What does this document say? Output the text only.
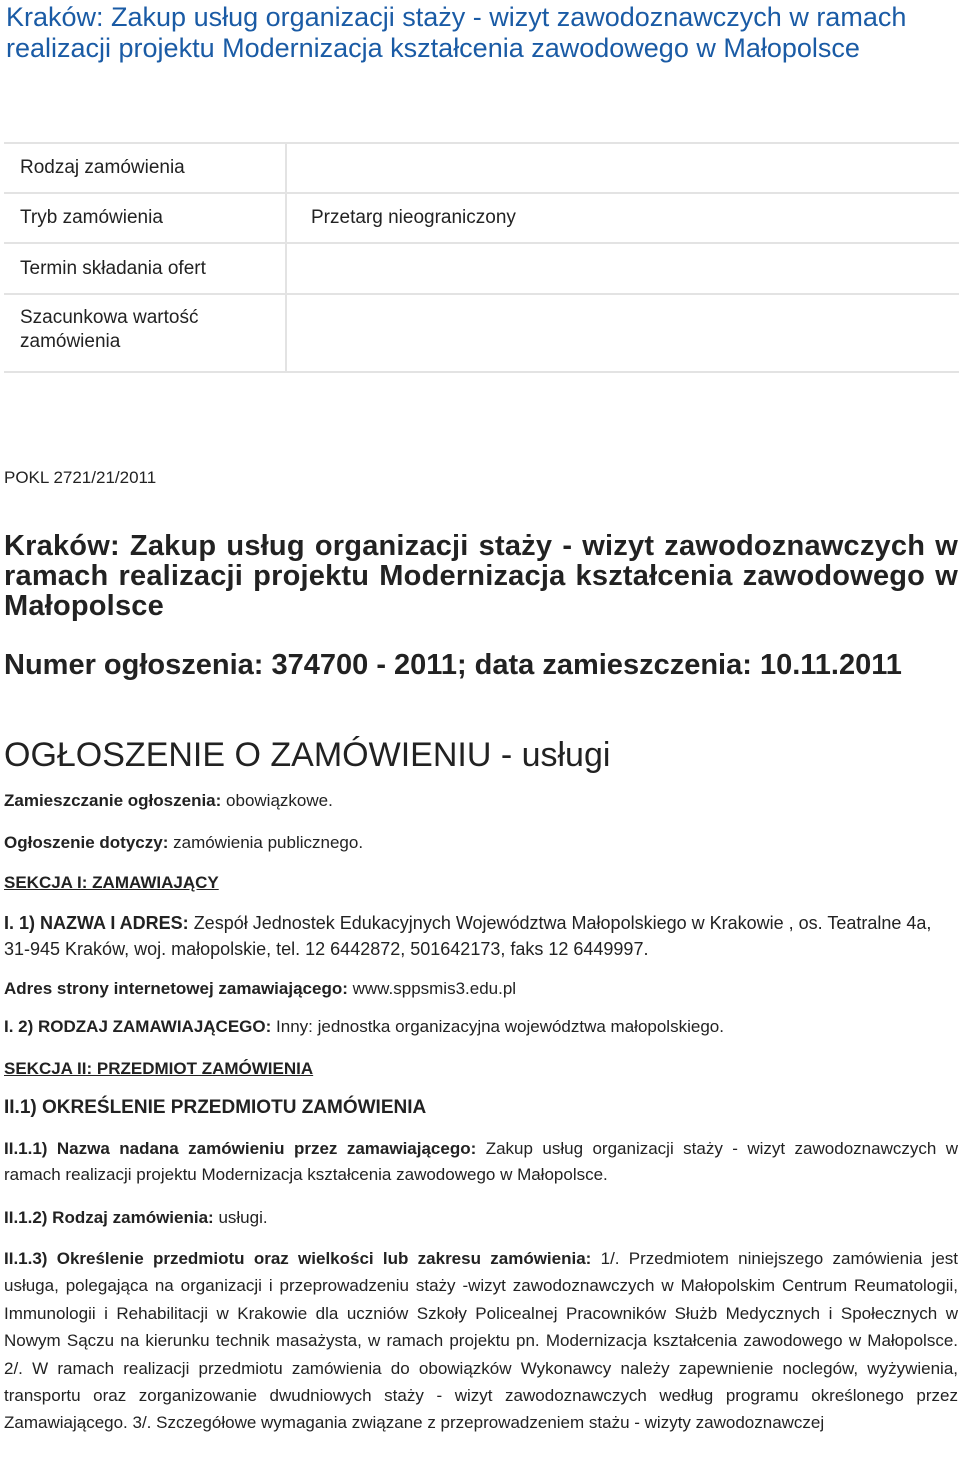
Kraków: Zakup usług organizacji staży - wizyt zawodoznawczych w ramach realizacji projektu Modernizacja kształcenia zawodowego w Małopolsce
Rodzaj zamówienia	
Tryb zamówienia	Przetarg nieograniczony
Termin składania ofert	
Szacunkowa wartość zamówienia	
POKL 2721/21/2011
Kraków: Zakup usług organizacji staży - wizyt zawodoznawczych w ramach realizacji projektu Modernizacja kształcenia zawodowego w Małopolsce
Numer ogłoszenia: 374700 - 2011; data zamieszczenia: 10.11.2011
OGŁOSZENIE O ZAMÓWIENIU - usługi
Zamieszczanie ogłoszenia: obowiązkowe.
Ogłoszenie dotyczy: zamówienia publicznego.
SEKCJA I: ZAMAWIAJĄCY
I. 1) NAZWA I ADRES: Zespół Jednostek Edukacyjnych Województwa Małopolskiego w Krakowie , os. Teatralne 4a, 31-945 Kraków, woj. małopolskie, tel. 12 6442872, 501642173, faks 12 6449997.
Adres strony internetowej zamawiającego: www.sppsmis3.edu.pl
I. 2) RODZAJ ZAMAWIAJĄCEGO: Inny: jednostka organizacyjna województwa małopolskiego.
SEKCJA II: PRZEDMIOT ZAMÓWIENIA
II.1) OKREŚLENIE PRZEDMIOTU ZAMÓWIENIA
II.1.1) Nazwa nadana zamówieniu przez zamawiającego: Zakup usług organizacji staży - wizyt zawodoznawczych w ramach realizacji projektu Modernizacja kształcenia zawodowego w Małopolsce.
II.1.2) Rodzaj zamówienia: usługi.
II.1.3) Określenie przedmiotu oraz wielkości lub zakresu zamówienia: 1/. Przedmiotem niniejszego zamówienia jest usługa, polegająca na organizacji i przeprowadzeniu staży -wizyt zawodoznawczych w Małopolskim Centrum Reumatologii, Immunologii i Rehabilitacji w Krakowie dla uczniów Szkoły Policealnej Pracowników Służb Medycznych i Społecznych w Nowym Sączu na kierunku technik masażysta, w ramach projektu pn. Modernizacja kształcenia zawodowego w Małopolsce. 2/. W ramach realizacji przedmiotu zamówienia do obowiązków Wykonawcy należy zapewnienie noclegów, wyżywienia, transportu oraz zorganizowanie dwudniowych staży - wizyt zawodoznawczych według programu określonego przez Zamawiającego. 3/. Szczegółowe wymagania związane z przeprowadzeniem stażu - wizyty zawodoznawczej
